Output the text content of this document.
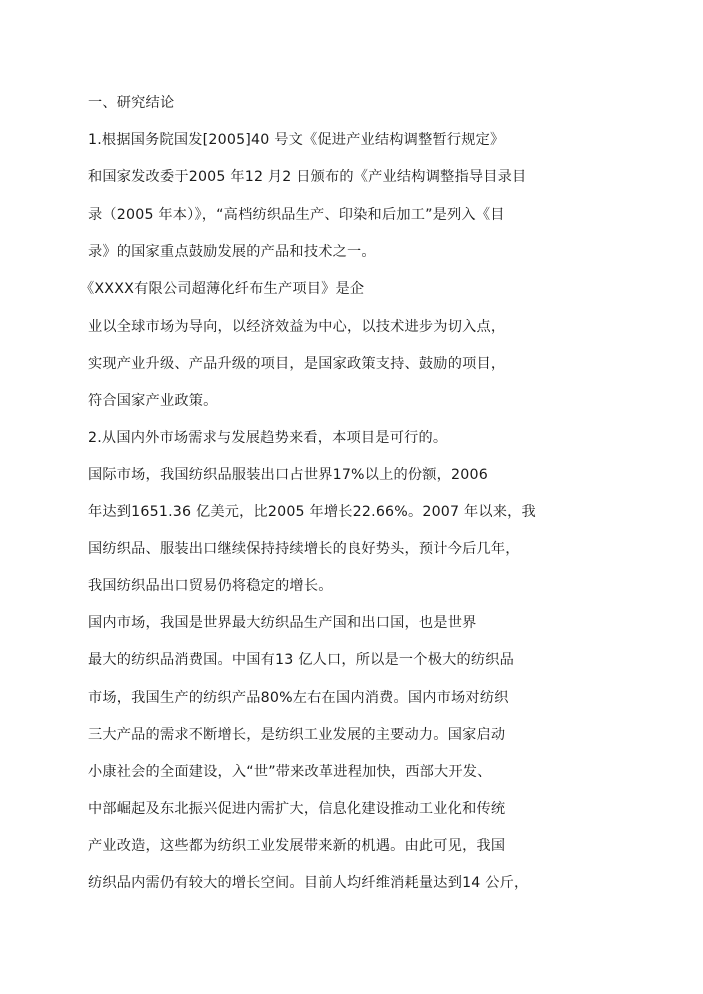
一、研究结论
1.根据国务院国发[2005]40 号文《促进产业结构调整暂行规定》
和国家发改委于2005 年12 月2 日颁布的《产业结构调整指导目录目
录（2005 年本）》，“高档纺织品生产、印染和后加工”是列入《目
录》的国家重点鼓励发展的产品和技术之一。
《XXXX有限公司超薄化纤布生产项目》是企
业以全球市场为导向，以经济效益为中心，以技术进步为切入点，
实现产业升级、产品升级的项目，是国家政策支持、鼓励的项目，
符合国家产业政策。
2.从国内外市场需求与发展趋势来看，本项目是可行的。
国际市场，我国纺织品服装出口占世界17%以上的份额，2006
年达到1651.36 亿美元，比2005 年增长22.66%。2007 年以来，我
国纺织品、服装出口继续保持持续增长的良好势头，预计今后几年，
我国纺织品出口贸易仍将稳定的增长。
国内市场，我国是世界最大纺织品生产国和出口国，也是世界
最大的纺织品消费国。中国有13 亿人口，所以是一个极大的纺织品
市场，我国生产的纺织产品80%左右在国内消费。国内市场对纺织
三大产品的需求不断增长，是纺织工业发展的主要动力。国家启动
小康社会的全面建设，入“世”带来改革进程加快，西部大开发、
中部崛起及东北振兴促进内需扩大，信息化建设推动工业化和传统
产业改造，这些都为纺织工业发展带来新的机遇。由此可见，我国
纺织品内需仍有较大的增长空间。目前人均纤维消耗量达到14 公斤，
